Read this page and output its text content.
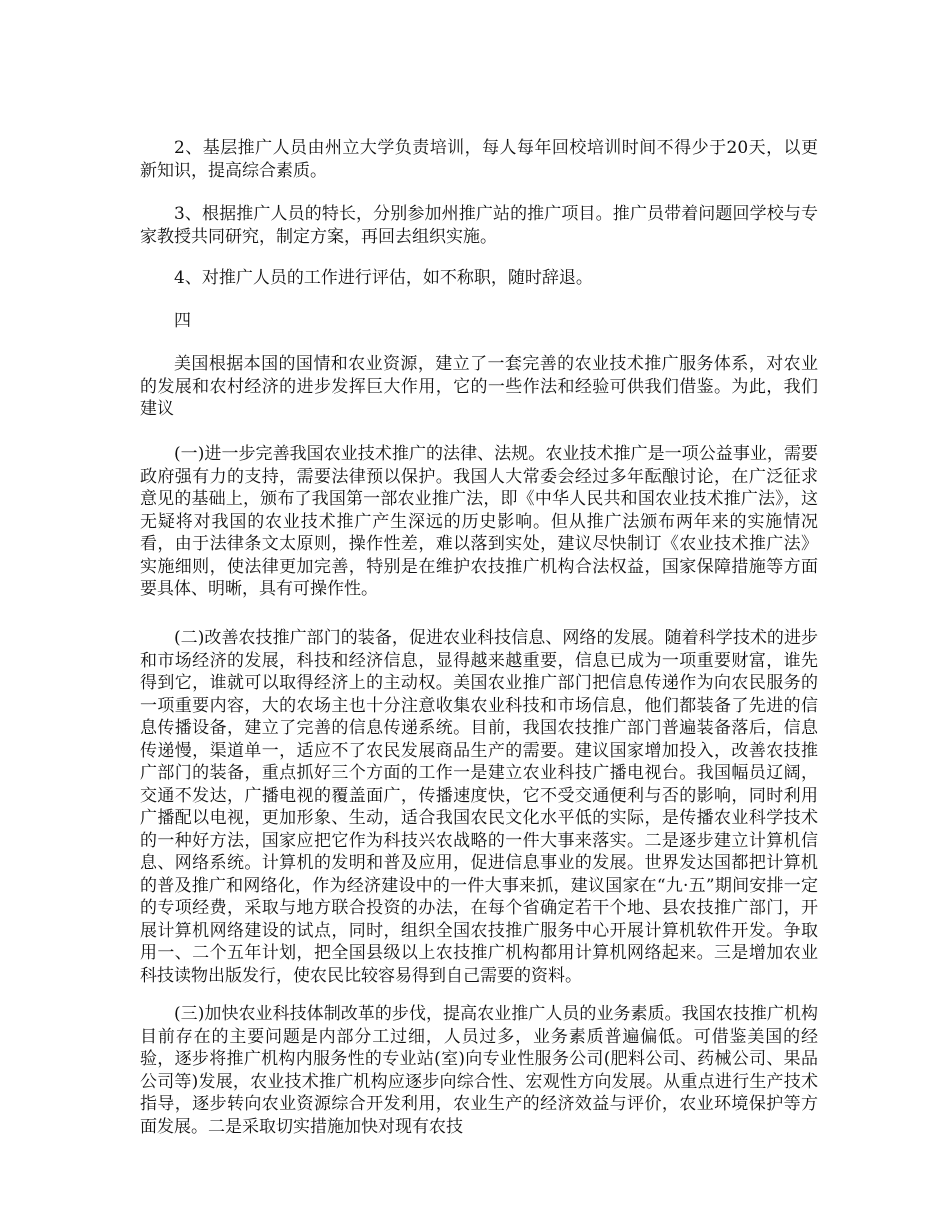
2、基层推广人员由州立大学负责培训，每人每年回校培训时间不得少于20天，以更新知识，提高综合素质。

3、根据推广人员的特长，分别参加州推广站的推广项目。推广员带着问题回学校与专家教授共同研究，制定方案，再回去组织实施。

4、对推广人员的工作进行评估，如不称职，随时辞退。

四

美国根据本国的国情和农业资源，建立了一套完善的农业技术推广服务体系，对农业的发展和农村经济的进步发挥巨大作用，它的一些作法和经验可供我们借鉴。为此，我们建议

(一)进一步完善我国农业技术推广的法律、法规。农业技术推广是一项公益事业，需要政府强有力的支持，需要法律预以保护。我国人大常委会经过多年酝酿讨论，在广泛征求意见的基础上，颁布了我国第一部农业推广法，即《中华人民共和国农业技术推广法》，这无疑将对我国的农业技术推广产生深远的历史影响。但从推广法颁布两年来的实施情况看，由于法律条文太原则，操作性差，难以落到实处，建议尽快制订《农业技术推广法》实施细则，使法律更加完善，特别是在维护农技推广机构合法权益，国家保障措施等方面要具体、明晰，具有可操作性。

(二)改善农技推广部门的装备，促进农业科技信息、网络的发展。随着科学技术的进步和市场经济的发展，科技和经济信息，显得越来越重要，信息已成为一项重要财富，谁先得到它，谁就可以取得经济上的主动权。美国农业推广部门把信息传递作为向农民服务的一项重要内容，大的农场主也十分注意收集农业科技和市场信息，他们都装备了先进的信息传播设备，建立了完善的信息传递系统。目前，我国农技推广部门普遍装备落后，信息传递慢，渠道单一，适应不了农民发展商品生产的需要。建议国家增加投入，改善农技推广部门的装备，重点抓好三个方面的工作一是建立农业科技广播电视台。我国幅员辽阔，交通不发达，广播电视的覆盖面广，传播速度快，它不受交通便利与否的影响，同时利用广播配以电视，更加形象、生动，适合我国农民文化水平低的实际，是传播农业科学技术的一种好方法，国家应把它作为科技兴农战略的一件大事来落实。二是逐步建立计算机信息、网络系统。计算机的发明和普及应用，促进信息事业的发展。世界发达国都把计算机的普及推广和网络化，作为经济建设中的一件大事来抓，建议国家在“九·五”期间安排一定的专项经费，采取与地方联合投资的办法，在每个省确定若干个地、县农技推广部门，开展计算机网络建设的试点，同时，组织全国农技推广服务中心开展计算机软件开发。争取用一、二个五年计划，把全国县级以上农技推广机构都用计算机网络起来。三是增加农业科技读物出版发行，使农民比较容易得到自己需要的资料。

(三)加快农业科技体制改革的步伐，提高农业推广人员的业务素质。我国农技推广机构目前存在的主要问题是内部分工过细，人员过多，业务素质普遍偏低。可借鉴美国的经验，逐步将推广机构内服务性的专业站(室)向专业性服务公司(肥料公司、药械公司、果品公司等)发展，农业技术推广机构应逐步向综合性、宏观性方向发展。从重点进行生产技术指导，逐步转向农业资源综合开发利用，农业生产的经济效益与评价，农业环境保护等方面发展。二是采取切实措施加快对现有农技
